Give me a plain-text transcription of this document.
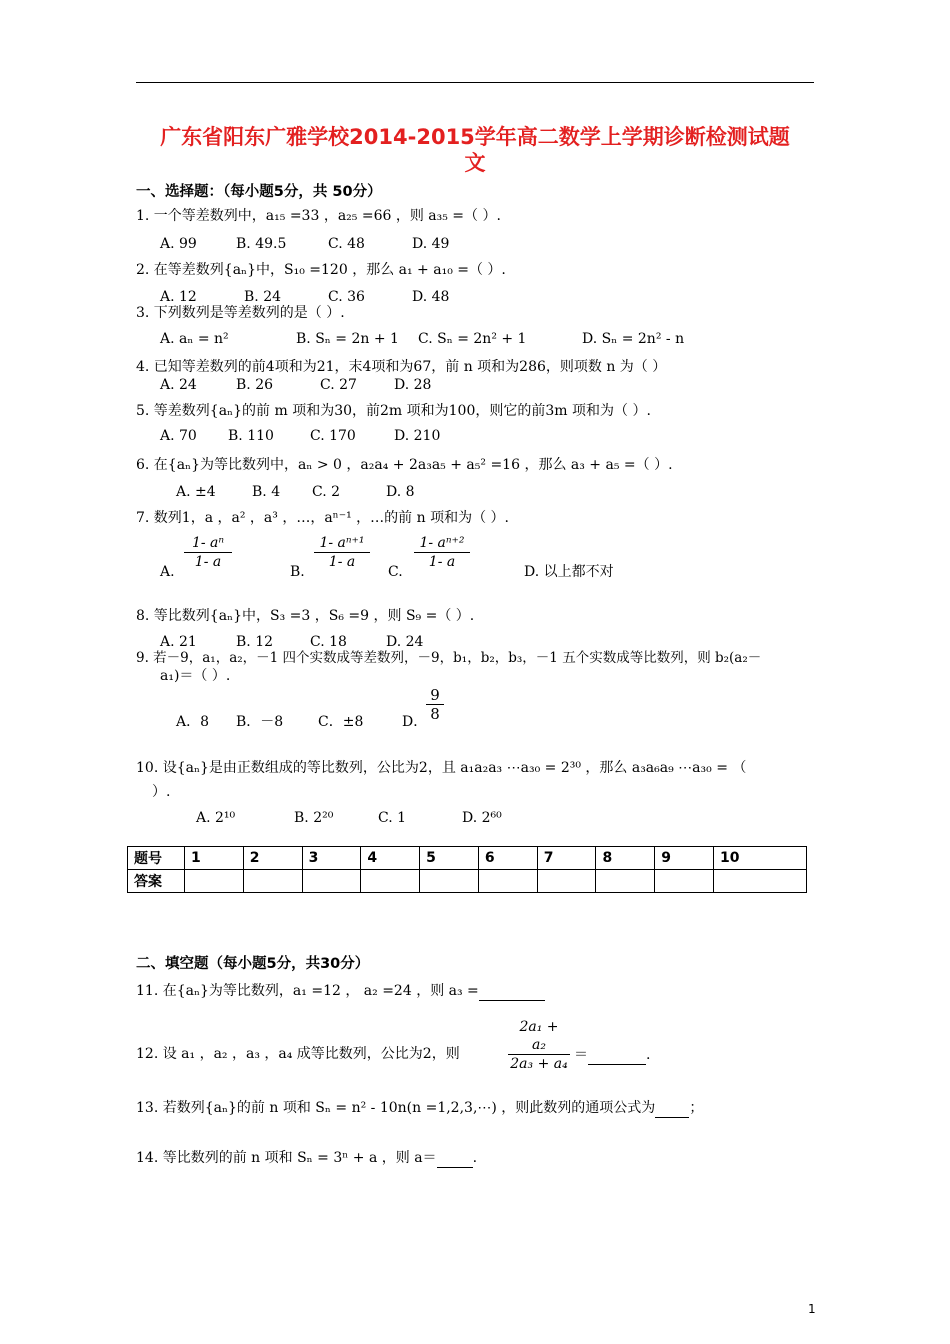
广东省阳东广雅学校2014-2015学年高二数学上学期诊断检测试题
文
一、选择题：（每小题5分，共 50分）
1. 一个等差数列中，a₁₅ =33 ，a₂₅ =66 ，则 a₃₅ =（ ）.
A. 99	B. 49.5	C. 48	D. 49
2. 在等差数列{aₙ}中，S₁₀ =120 ，那么 a₁ + a₁₀ =（ ）.
A. 12	B. 24	C. 36	D. 48
3. 下列数列是等差数列的是（ ）.
A. aₙ = n²	B. Sₙ = 2n + 1 C. Sₙ = 2n² + 1	D. Sₙ = 2n² - n
4. 已知等差数列的前4项和为21，末4项和为67，前 n 项和为286，则项数 n 为（ ）
A. 24	B. 26	C. 27	D. 28
5. 等差数列{aₙ}的前 m 项和为30，前2m 项和为100，则它的前3m 项和为（ ）.
A. 70 B. 110	C. 170	D. 210
6. 在{aₙ}为等比数列中，aₙ > 0 ，a₂a₄ + 2a₃a₅ + a₅² =16 ，那么 a₃ + a₅ =（ ）.
A. ±4	B. 4 C. 2	D. 8
7. 数列1，a ，a² ，a³ ，…，aⁿ⁻¹ ，…的前 n 项和为（ ）.
A.
$\frac{\text{1- aⁿ}}{1- a}$
B.
$\frac{\text{1- aⁿ⁺¹}}{1- a}$
C.
$\frac{\text{1- aⁿ⁺²}}{1- a}$
D. 以上都不对
8. 等比数列{aₙ}中，S₃ =3 ，S₆ =9 ，则 S₉ =（ ）.
A. 21	B. 12	C. 18	D. 24
9. 若－9，a₁，a₂，－1 四个实数成等差数列，－9，b₁，b₂，b₃，－1 五个实数成等比数列，则 b₂(a₂－
a₁)＝（ ）.
A．8 B．－8 C．±8	D．
$\frac{9}{8}$
10. 设{aₙ}是由正数组成的等比数列，公比为2，且 a₁a₂a₃ ⋯a₃₀ = 2³⁰ ，那么 a₃a₆a₉ ⋯a₃₀ = （
）.
A. 2¹⁰	B. 2²⁰	C. 1	D. 2⁶⁰
题号	1	2	3	4	5	6	7	8	9	10
答案										
二、填空题（每小题5分，共30分）
11. 在{aₙ}为等比数列，a₁ =12 ， a₂ =24 ，则 a₃ =
12. 设 a₁ ，a₂ ，a₃ ，a₄ 成等比数列，公比为2，则	$\frac{\text{2a₁ + a₂}}{\text{2a₃ + a₄}}$ ＝	.
13. 若数列{aₙ}的前 n 项和 Sₙ = n² - 10n(n =1,2,3,⋯) ，则此数列的通项公式为 ；
14. 等比数列的前 n 项和 Sₙ = 3ⁿ + a ，则 a＝	.
1
